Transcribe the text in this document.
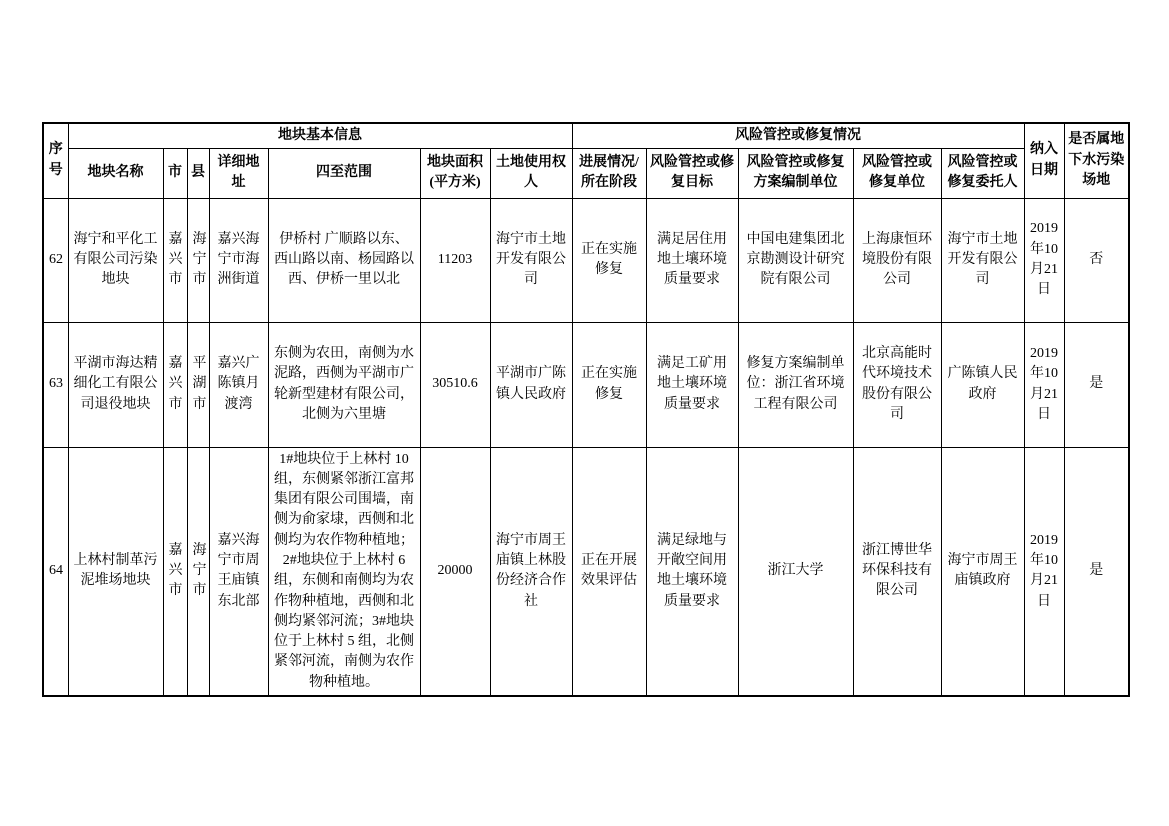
序号	地块基本信息							风险管控或修复情况					纳入日期	是否属地下水污染场地
	地块名称	市	县	详细地址	四至范围	地块面积(平方米)	土地使用权人	进展情况/所在阶段	风险管控或修复目标	风险管控或修复方案编制单位	风险管控或修复单位	风险管控或修复委托人		
62	海宁和平化工有限公司污染地块	嘉兴市	海宁市	嘉兴海宁市海洲街道	伊桥村 广顺路以东、西山路以南、杨园路以西、伊桥一里以北	11203	海宁市土地开发有限公司	正在实施修复	满足居住用地土壤环境质量要求	中国电建集团北京勘测设计研究院有限公司	上海康恒环境股份有限公司	海宁市土地开发有限公司	2019年10月21日	否
63	平湖市海达精细化工有限公司退役地块	嘉兴市	平湖市	嘉兴广陈镇月渡湾	东侧为农田，南侧为水泥路，西侧为平湖市广轮新型建材有限公司，北侧为六里塘	30510.6	平湖市广陈镇人民政府	正在实施修复	满足工矿用地土壤环境质量要求	修复方案编制单位：浙江省环境工程有限公司	北京高能时代环境技术股份有限公司	广陈镇人民政府	2019年10月21日	是
64	上林村制革污泥堆场地块	嘉兴市	海宁市	嘉兴海宁市周王庙镇东北部	1#地块位于上林村 10 组，东侧紧邻浙江富邦集团有限公司围墙，南侧为俞家埭，西侧和北侧均为农作物种植地；2#地块位于上林村 6 组，东侧和南侧均为农作物种植地，西侧和北侧均紧邻河流；3#地块位于上林村 5 组，北侧紧邻河流，南侧为农作物种植地。	20000	海宁市周王庙镇上林股份经济合作社	正在开展效果评估	满足绿地与开敞空间用地土壤环境质量要求	浙江大学	浙江博世华环保科技有限公司	海宁市周王庙镇政府	2019年10月21日	是
